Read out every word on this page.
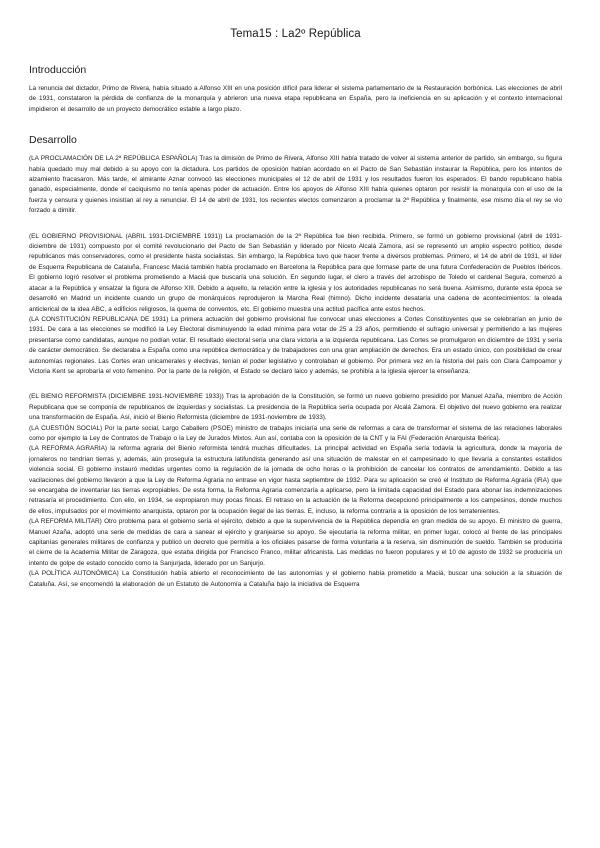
Tema15 : La2º República
Introducción

La renuncia del dictador, Primo de Rivera, había situado a Alfonso XIII en una posición difícil para liderar el sistema parlamentario de la Restauración borbónica. Las elecciones de abril de 1931, constataron la pérdida de confianza de la monarquía y abrieron una nueva etapa republicana en España, pero la ineficiencia en su aplicación y el contexto internacional impidieron el desarrollo de un proyecto democrático estable a largo plazo.

Desarrollo

(LA PROCLAMACIÓN DE LA 2ª REPÚBLICA ESPAÑOLA) Tras la dimisión de Primo de Rivera, Alfonso XIII había tratado de volver al sistema anterior de partido, sin embargo, su figura había quedado muy mal debido a su apoyo con la dictadura. Los partidos de oposición habían acordado en el Pacto de San Sebastián instaurar la República, pero los intentos de alzamiento fracasaron. Más tarde, el almirante Aznar convocó las elecciones municipales el 12 de abril de 1931 y los resultados fueron los esperados. El bando republicano había ganado, especialmente, donde el caciquismo no tenía apenas poder de actuación. Entre los apoyos de Alfonso XIII había quienes optaron por resistir la monarquía con el uso de la fuerza y censura y quienes insistían al rey a renunciar. El 14 de abril de 1931, los recientes electos comenzaron a proclamar la 2ª República y finalmente, ese mismo día el rey se vio forzado a dimitir.

(EL GOBIERNO PROVISIONAL (ABRIL 1931-DICIEMBRE 1931)) La proclamación de la 2ª República fue bien recibida. Primero, se formó un gobierno provisional (abril de 1931-diciembre de 1931) compuesto por el comité revolucionario del Pacto de San Sebastián y liderado por Niceto Alcalá Zamora, así se representó un amplio espectro político, desde republicanos más conservadores, como el presidente hasta socialistas. Sin embargo, la República tuvo que hacer frente a diversos problemas. Primero, el 14 de abril de 1931, el líder de Esquerra Republicana de Cataluña, Francesc Maciá también había proclamado en Barcelona la República para que formase parte de una futura Confederación de Pueblos Ibéricos. El gobierno logró resolver el problema prometiendo a Maciá que buscaría una solución. En segundo lugar, el clero a través del arzobispo de Toledo el cardenal Segura, comenzó a atacar a la República y ensalzar la figura de Alfonso XIII. Debido a aquello, la relación entre la iglesia y los autoridades republicanas no será buena. Asimismo, durante esta época se desarrolló en Madrid un incidente cuando un grupo de monárquicos reprodujeron la Marcha Real (himno). Dicho incidente desataría una cadena de acontecimientos: la oleada anticlerical de la idea ABC, a edificios religiosos, la quema de conventos, etc. El gobierno muestra una actitud pacífica ante estos hechos.

(LA CONSTITUCIÓN REPUBLICANA DE 1931) La primera actuación del gobierno provisional fue convocar unas elecciones a Cortes Constituyentes que se celebrarían en junio de 1931. De cara a las elecciones se modificó la Ley Electoral disminuyendo la edad mínima para votar de 25 a 23 años, permitiendo el sufragio universal y permitiendo a las mujeres presentarse como candidatas, aunque no podían votar. El resultado electoral sería una clara victoria a la izquierda republicana. Las Cortes se promulgaron en diciembre de 1931 y sería de carácter democrático. Se declaraba a España como una república democrática y de trabajadores con una gran ampliación de derechos. Era un estado único, con posibilidad de crear autonomías regionales. Las Cortes eran unicamerales y electivas, tenían el poder legislativo y controlaban el gobierno. Por primera vez en la historia del país con Clara Campoamor y Victoria Kent se aprobaría el voto femenino. Por la parte de la religión, el Estado se declaró laico y además, se prohibía a la iglesia ejercer la enseñanza.

(EL BIENIO REFORMISTA (DICIEMBRE 1931-NOVIEMBRE 1933)) Tras la aprobación de la Constitución, se formó un nuevo gobierno presidido por Manuel Azaña, miembro de Acción Republicana que se componía de republicanos de izquierdas y socialistas. La presidencia de la República sería ocupada por Alcalá Zamora. El objetivo del nuevo gobierno era realizar una transformación de España. Así, inició el Bienio Reformista (diciembre de 1931-noviembre de 1933).

(LA CUESTIÓN SOCIAL) Por la parte social, Largo Caballero (PSOE) ministro de trabajos iniciaría una serie de reformas a cara de transformar el sistema de las relaciones laborales como por ejemplo la Ley de Contratos de Trabajo o la Ley de Jurados Mixtos. Aun así, contaba con la oposición de la CNT y la FAI (Federación Anarquista Ibérica).

(LA REFORMA AGRARIA) la reforma agraria del Bienio reformista tendrá muchas dificultades. La principal actividad en España sería todavía la agricultura, donde la mayoría de jornaleros no tendrían tierras y, además, aún proseguía la estructura latifundista generando así una situación de malestar en el campesinado lo que llevaría a constantes estallidos violencia social. El gobierno instauró medidas urgentes como la regulación de la jornada de ocho horas o la prohibición de cancelar los contratos de arrendamiento. Debido a las vacilaciones del gobierno llevaron a que la Ley de Reforma Agraria no entrase en vigor hasta septiembre de 1932. Para su aplicación se creó el Instituto de Reforma Agraria (IRA) que se encargaba de inventariar las tierras expropiables. De esta forma, la Reforma Agraria comenzaría a aplicarse, pero la limitada capacidad del Estado para abonar las indemnizaciones retrasaría el procedimiento. Con ello, en 1934, se expropiaron muy pocas fincas. El retraso en la actuación de la Reforma decepcionó principalmente a los campesinos, donde muchos de ellos, impulsados por el movimiento anarquista, optaron por la ocupación ilegal de las tierras. E, incluso, la reforma contraría a la oposición de los terratenientes.

(LA REFORMA MILITAR) Otro problema para el gobierno sería el ejército, debido a que la supervivencia de la República dependía en gran medida de su apoyo. El ministro de guerra, Manuel Azaña, adoptó una serie de medidas de cara a sanear el ejército y granjearse su apoyo. Se ejecutaría la reforma militar, en primer lugar, colocó al frente de las principales capitanías generales militares de confianza y publicó un decreto que permitía a los oficiales pasarse de forma voluntaria a la reserva, sin disminución de sueldo. También se produciría el cierre de la Academia Militar de Zaragoza, que estaba dirigida por Francisco Franco, militar africanista. Las medidas no fueron populares y el 10 de agosto de 1932 se produciría un intento de golpe de estado conocido como la Sanjurjada, liderado por un Sanjurjo.

(LA POLÍTICA AUTONÓMICA) La Constitución había abierto el reconocimiento de las autonomías y el gobierno había prometido a Maciá, buscar una solución a la situación de Cataluña. Así, se encomendó la elaboración de un Estatuto de Autonomía a Cataluña bajo la iniciativa de Esquerra
